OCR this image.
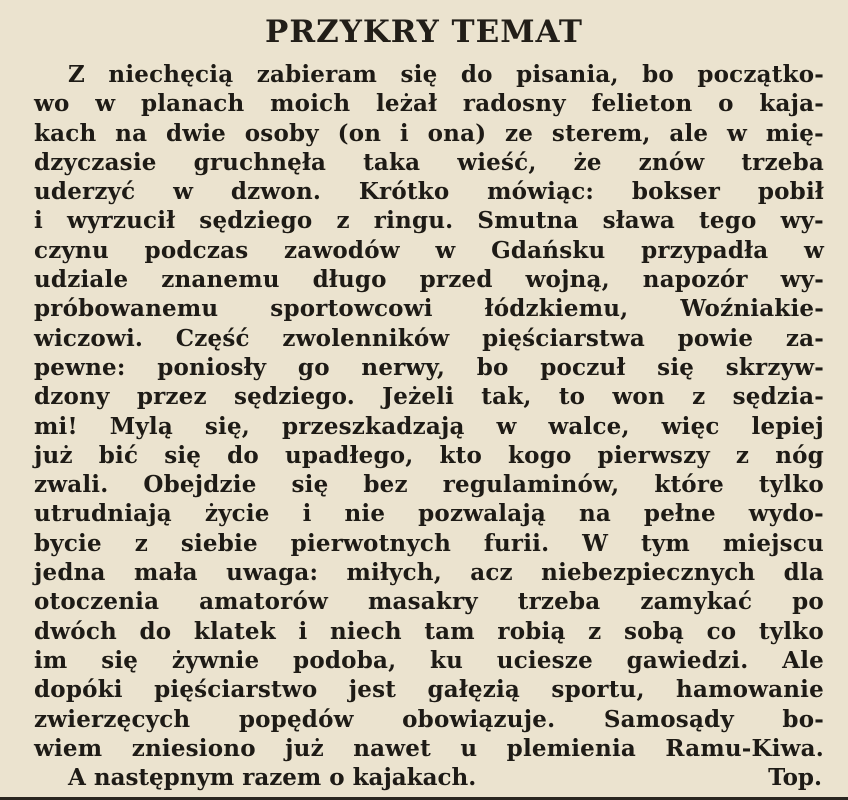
PRZYKRY TEMAT
Z niechęcią zabieram się do pisania, bo początko-
wo w planach moich leżał radosny felieton o kaja-
kach na dwie osoby (on i ona) ze sterem, ale w mię-
dzyczasie gruchnęła taka wieść, że znów trzeba
uderzyć w dzwon. Krótko mówiąc: bokser pobił
i wyrzucił sędziego z ringu. Smutna sława tego wy-
czynu podczas zawodów w Gdańsku przypadła w
udziale znanemu długo przed wojną, napozór wy-
próbowanemu sportowcowi łódzkiemu, Woźniakie-
wiczowi. Część zwolenników pięściarstwa powie za-
pewne: poniosły go nerwy, bo poczuł się skrzyw-
dzony przez sędziego. Jeżeli tak, to won z sędzia-
mi! Mylą się, przeszkadzają w walce, więc lepiej
już bić się do upadłego, kto kogo pierwszy z nóg
zwali. Obejdzie się bez regulaminów, które tylko
utrudniają życie i nie pozwalają na pełne wydo-
bycie z siebie pierwotnych furii. W tym miejscu
jedna mała uwaga: miłych, acz niebezpiecznych dla
otoczenia amatorów masakry trzeba zamykać po
dwóch do klatek i niech tam robią z sobą co tylko
im się żywnie podoba, ku uciesze gawiedzi. Ale
dopóki pięściarstwo jest gałęzią sportu, hamowanie
zwierzęcych popędów obowiązuje. Samosądy bo-
wiem zniesiono już nawet u plemienia Ramu-Kiwa.
A następnym razem o kajakach.	Top.
